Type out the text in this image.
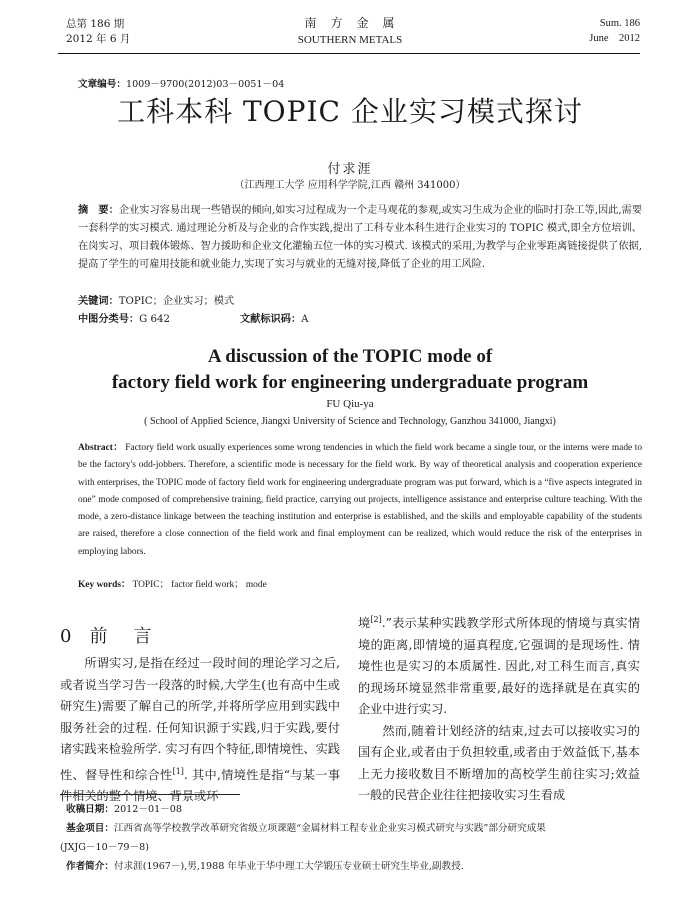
总第 186 期
2012 年 6 月
南　方　金　属
SOUTHERN METALS
Sum. 186
June　2012
文章编号：1009－9700(2012)03－0051－04
工科本科 TOPIC 企业实习模式探讨
付求涯
（江西理工大学 应用科学学院,江西 赣州 341000）
摘　要：企业实习容易出现一些错误的倾向,如实习过程成为一个走马观花的参观,或实习生成为企业的临时打杂工等,因此,需要一套科学的实习模式. 通过理论分析及与企业的合作实践,提出了工科专业本科生进行企业实习的 TOPIC 模式,即全方位培训、在岗实习、项目载体锻炼、智力援助和企业文化灌输五位一体的实习模式. 该模式的采用,为教学与企业零距离链接提供了依据,提高了学生的可雇用技能和就业能力,实现了实习与就业的无缝对接,降低了企业的用工风险.
关键词：TOPIC；企业实习；模式
中图分类号：G 642	文献标识码：A
A discussion of the TOPIC mode of
factory field work for engineering undergraduate program
FU Qiu-ya
( School of Applied Science, Jiangxi University of Science and Technology, Ganzhou 341000, Jiangxi)
Abstract： Factory field work usually experiences some wrong tendencies in which the field work became a single tour, or the interns were made to be the factory's odd-jobbers. Therefore, a scientific mode is necessary for the field work. By way of theoretical analysis and cooperation experience with enterprises, the TOPIC mode of factory field work for engineering undergraduate program was put forward, which is a “five aspects integrated in one” mode composed of comprehensive training, field practice, carrying out projects, intelligence assistance and enterprise culture teaching. With the mode, a zero-distance linkage between the teaching institution and enterprise is established, and the skills and employable capability of the students are raised, therefore a close connection of the field work and final employment can be realized, which would reduce the risk of the enterprises in employing labors.
Key words： TOPIC； factor field work； mode
0 前　言

所谓实习,是指在经过一段时间的理论学习之后,或者说当学习告一段落的时候,大学生(也有高中生或研究生)需要了解自己的所学,并将所学应用到实践中服务社会的过程. 任何知识源于实践,归于实践,要付诸实践来检验所学. 实习有四个特征,即情境性、实践性、督导性和综合性[1]. 其中,情境性是指“与某一事件相关的整个情境、背景或环

境[2].”表示某种实践教学形式所体现的情境与真实情境的距离,即情境的逼真程度,它强调的是现场性. 情境性也是实习的本质属性. 因此,对工科生而言,真实的现场环境显然非常重要,最好的选择就是在真实的企业中进行实习.

然而,随着计划经济的结束,过去可以接收实习的国有企业,或者由于负担较重,或者由于效益低下,基本上无力接收数目不断增加的高校学生前往实习;效益一般的民营企业往往把接收实习生看成

收稿日期：2012－01－08
基金项目：江西省高等学校教学改革研究省级立项课题“金属材料工程专业企业实习模式研究与实践”部分研究成果
(JXJG－10－79－8)
作者简介：付求涯(1967－),男,1988 年毕业于华中理工大学锻压专业硕士研究生毕业,副教授.
